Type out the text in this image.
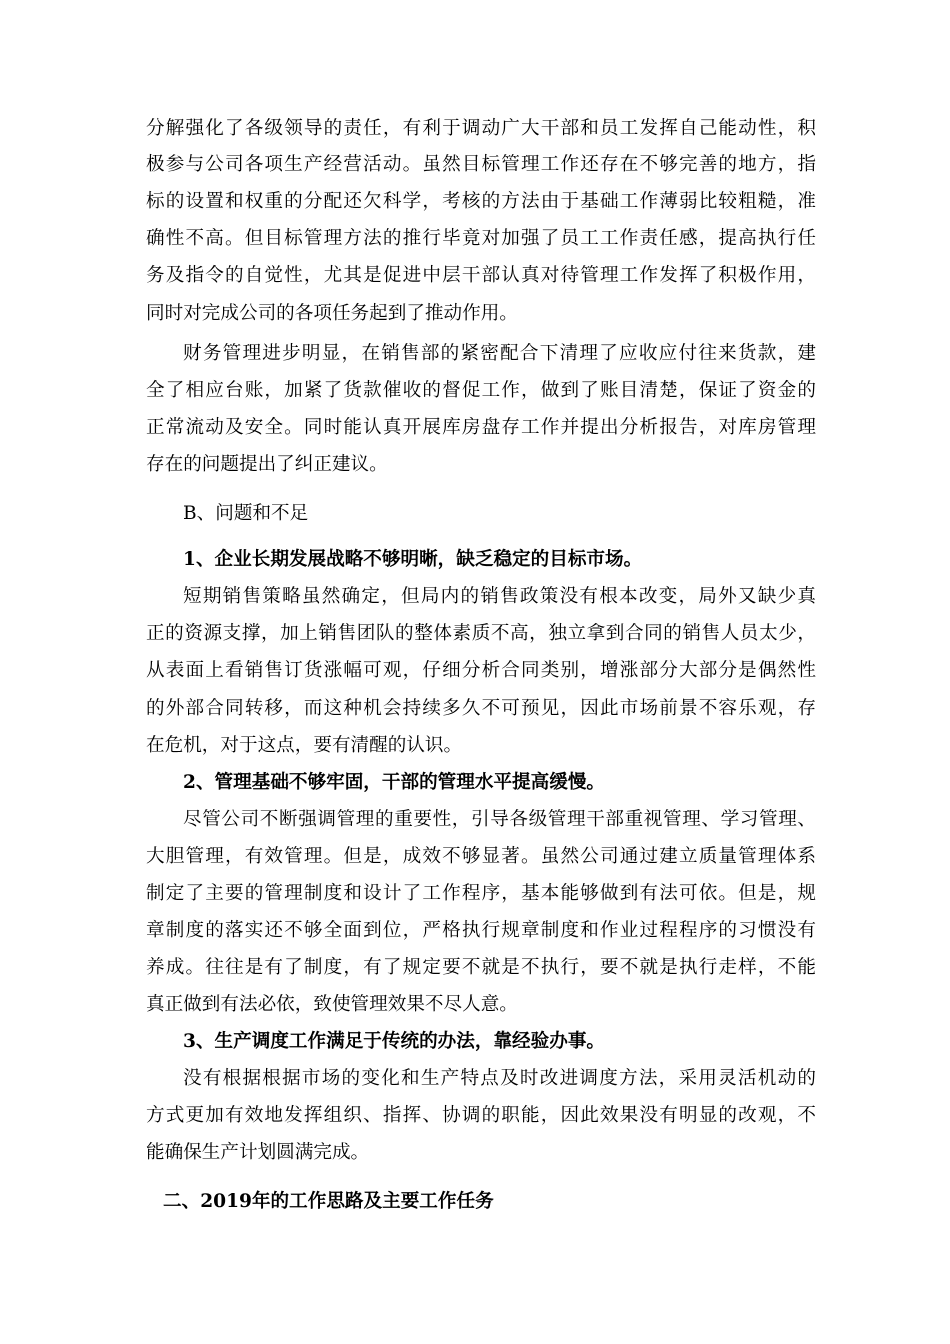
分解强化了各级领导的责任，有利于调动广大干部和员工发挥自己能动性，积
极参与公司各项生产经营活动。虽然目标管理工作还存在不够完善的地方，指
标的设置和权重的分配还欠科学，考核的方法由于基础工作薄弱比较粗糙，准
确性不高。但目标管理方法的推行毕竟对加强了员工工作责任感，提高执行任
务及指令的自觉性，尤其是促进中层干部认真对待管理工作发挥了积极作用，
同时对完成公司的各项任务起到了推动作用。
财务管理进步明显，在销售部的紧密配合下清理了应收应付往来货款，建
全了相应台账，加紧了货款催收的督促工作，做到了账目清楚，保证了资金的
正常流动及安全。同时能认真开展库房盘存工作并提出分析报告，对库房管理
存在的问题提出了纠正建议。
B、问题和不足
1、企业长期发展战略不够明晰，缺乏稳定的目标市场。
短期销售策略虽然确定，但局内的销售政策没有根本改变，局外又缺少真
正的资源支撑，加上销售团队的整体素质不高，独立拿到合同的销售人员太少，
从表面上看销售订货涨幅可观，仔细分析合同类别，增涨部分大部分是偶然性
的外部合同转移，而这种机会持续多久不可预见，因此市场前景不容乐观，存
在危机，对于这点，要有清醒的认识。
2、管理基础不够牢固，干部的管理水平提高缓慢。
尽管公司不断强调管理的重要性，引导各级管理干部重视管理、学习管理、
大胆管理，有效管理。但是，成效不够显著。虽然公司通过建立质量管理体系
制定了主要的管理制度和设计了工作程序，基本能够做到有法可依。但是，规
章制度的落实还不够全面到位，严格执行规章制度和作业过程程序的习惯没有
养成。往往是有了制度，有了规定要不就是不执行，要不就是执行走样，不能
真正做到有法必依，致使管理效果不尽人意。
3、生产调度工作满足于传统的办法，靠经验办事。
没有根据根据市场的变化和生产特点及时改进调度方法，采用灵活机动的
方式更加有效地发挥组织、指挥、协调的职能，因此效果没有明显的改观，不
能确保生产计划圆满完成。
二、2019年的工作思路及主要工作任务
